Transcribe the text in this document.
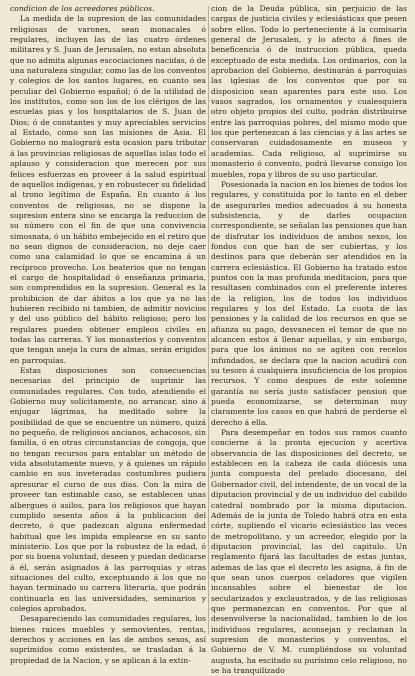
condicion de los acreedores públicos.

La medida de la supresion de las comunidades religiosas de varones, sean monacales ó regulares, incluyen las de las cuatro órdenes militares y S. Juan de Jerusalen, no estan absoluta que no admita algunas escociaciones nacidas, ó de una naturaleza singular, como las de los conventos y colegios de los santos lugares, en cuanto sea peculiar del Gobierno español; ó de la utilidad de los institutos, como son los de los clérigos de las escuelas pias y los hospitalarios de S. Juan de Dios; ó de constantes y muy apreciables servicios al Estado, como son las misiones de Asia. El Gobierno no malograrà esta ocasion para tributar á las provincias religiosas de aquellas islas todo el aplauso y consideracion que merecen por sus felices esfuerzas en proveer á la salud espiritual de aquellos indígenas, y en robustecer su fidelidad al trono legítimo de España. En cuanto á los conventos de religiosas, no se dispone la supresion entera sino se encarga la reduccion de su número con el fin de que una convivencia simosnata, ó un hábito embejecido en el retiro que no sean dignos de consideracion, no deje caer como una calamidad lo que se encamina á un recíproco provecho. Los beaterios que no tengan el cargo de hospitalidad ó enseñanza primaria, son comprendidos en la supresion. General es la prohibicion de dar ábitos a los que ya no las hubieren recibido ni tambien, de admitir novicios y del uso público del hábito religioso; pero los regulares pueden obtener empleos civiles en todas las carreras. Y los monasterios y conventos que tengan aneja la cura de almas, serán erigidos en parroquias.

Estas disposiciones son consecuencias necesarias del principio de suprimir las comunidades regulares. Con todo, atendiendo el Gobierno muy solícitamente, no arrancar, sino á enjugar lágrimas, ha meditado sobre la posibilidad de que se encuentre un número, quizá no pequeño, de religiosos ancianos, achacosos, sin familia, ó en otras circunstancias de congoja, que no tengan recursos para entablar un método de vida absolutamente nuevo, y á quienes un rápido cambio en sus inveteradas costumbres pudiera apresurar el curso de sus dias. Con la mira de proveer tan estimable caso, se establecen unas albergues ó asilos, para los religiosos que hayan cumplido sesenta años á la publicacion del decreto, ó que padezcan alguna enfermedad habitual que les impida emplearse en su santo ministerio. Los que por la robustez de la edad, ó por su buena voluntad, deseen y puedan dedicarse á él, serán asignados á las parroquias y otras situaciones del culto, exceptuando á los que no hayan terminado su carrera literaria, que podrán continuarla en las universidades, seminarios y colegios aprobados.

Desapareciendo las comunidades regulares, los bienes raices muebles y semovientes, rentas, derechos y acciones en las de ambos sexos, así suprimidos como existentes, se trasladan á la propiedad de la Nacion, y se aplican á la extin-

cion de la Deuda pública, sin perjuicio de las cargas de justicia civiles y eclesiásticas que pesen sobre ellos. Todo lo perteneciente á la comisaria general de Jerusalen, y lo afecto á fines de beneficencia ó de instruccion pública, queda exceptuado de esta medida. Los ordinarios, con la aprobacion del Gobierno, destinarán á parroquias las iglesias de los conventos que por su disposicion sean aparentes para este uso. Los vasos sagrados, los ornamentos y cualesquiera otro objeto propios del culto, podrán distribuirse entre las parroquias pobres, del mismo modo que los que pertenezcan á las ciencias y á las artes se conservaran cuidadosamente en museos y academias. Cada religioso, al suprimirse su monasterio ó convento, podrá llevarse consigo los muebles, ropa y libros de su uso particular.

Posesionada la nacion en los bienes de todos los regulares, y constituida por lo tanto en el deber de asegurarles medios adecuados á su honesta subsistencia, y de darles ocupacion correspondiente, se señalan las pensiones que han de disfrutar los individuos de ambos sexos, los fondos con que han de ser cubiertas, y los destinos para que deberán ser atendidos en la carrera eclesiástica. El Gobierno ha tratado estos puntos con la mas profunda meditacion, para que resultasen combinados con el preferente interes de la religion, los de todos los individuos regulares y los del Estado. La cuota de las pensiones y la calidad de los recursos en que se afianza su pago, desvanecen el temor de que no alcancen estos á llenar aquellas, y sin embargo, para que los ánimos no se agiten con recelos infundados, se declara que la nacion acudirá con su tesoro á cualquiera insuficiencia de los propios recursos. Y como despues de este solemne garantía no sería justo satisfacer pension que pueda economizarse, se determinan muy claramente los casos en que habrá de perderse el derecho á ella.

Para desempeñar en todos sus ramos cuanto concierne á la pronta ejecucion y acertiva observancia de las disposiciones del decreto, se establecen en la cabeza de cada diócesis una junta compuesta del prelado diocesano, del Gobernador civil, del intendente, de un vocal de la diputacion provincial y de un individuo del cabildo catedral nombrado por la misma diputacion. Además de la junta de Toledo habrá otra en esta córte, supliendo el vicario eclesiástico las veces de metropolitano, y un acreedor, elegido por la diputacion provincial, las del capitulo. Un reglamento fijará las facultades de estas juntas, ademas de las que el decreto les asigna, á fin de que sean unos cuerpos celadores que vigilen incansables sobre el bienestar de los secularizados y exclaustrados, y de las religiosas que permanezcan en conventos. Por que al desenvolverse la nacionalidad, tambien lo de los individuos regulares, aconsejan y reclaman la supresion de monasterios y conventos, el Gobierno de V. M. cumpliéndose su voluntad augusta, ha escitado su purísimo celo religioso, no se ha tranquilizado
